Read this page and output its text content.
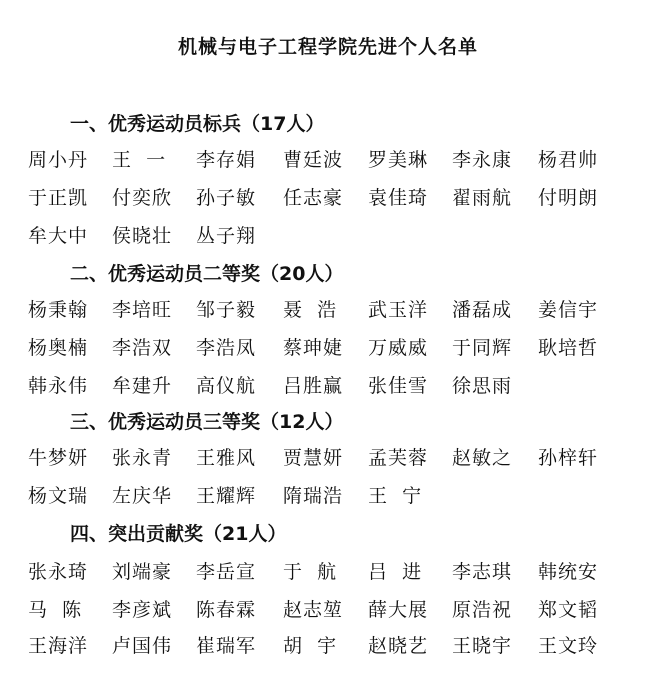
机械与电子工程学院先进个人名单
一、优秀运动员标兵（17人）
周小丹 王  一 李存娟 曹廷波 罗美琳 李永康 杨君帅
于正凯 付奕欣 孙子敏 任志豪 袁佳琦 翟雨航 付明朗
牟大中 侯晓壮 丛子翔
二、优秀运动员二等奖（20人）
杨秉翰 李培旺 邹子毅 聂  浩 武玉洋 潘磊成 姜信宇
杨奥楠 李浩双 李浩凤 蔡珅婕 万威威 于同辉 耿培哲
韩永伟 牟建升 高仪航 吕胜赢 张佳雪 徐思雨
三、优秀运动员三等奖（12人）
牛梦妍 张永青 王雅风 贾慧妍 孟芙蓉 赵敏之 孙梓轩
杨文瑞 左庆华 王耀辉 隋瑞浩 王  宁
四、突出贡献奖（21人）
张永琦 刘端豪 李岳宣 于  航 吕  进 李志琪 韩统安
马  陈 李彦斌 陈春霖 赵志堃 薛大展 原浩祝 郑文韬
王海洋 卢国伟 崔瑞军 胡  宇 赵晓艺 王晓宇 王文玲
